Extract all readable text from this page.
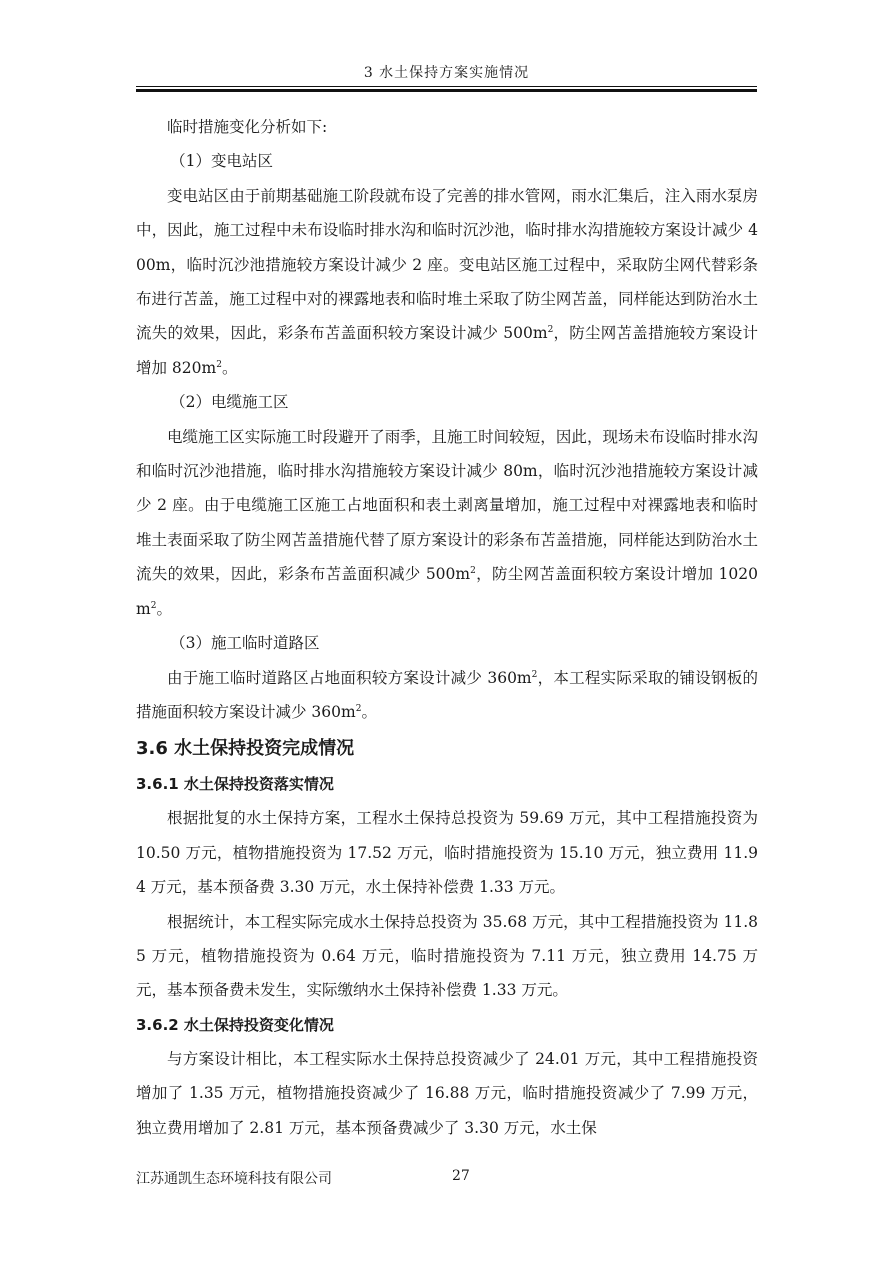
3 水土保持方案实施情况

临时措施变化分析如下:

（1）变电站区

变电站区由于前期基础施工阶段就布设了完善的排水管网，雨水汇集后，注入雨水泵房中，因此，施工过程中未布设临时排水沟和临时沉沙池，临时排水沟措施较方案设计减少 400m，临时沉沙池措施较方案设计减少 2 座。变电站区施工过程中，采取防尘网代替彩条布进行苫盖，施工过程中对的裸露地表和临时堆土采取了防尘网苫盖，同样能达到防治水土流失的效果，因此，彩条布苫盖面积较方案设计减少 $500m^2$，防尘网苫盖措施较方案设计增加 $820m^2$。

（2）电缆施工区

电缆施工区实际施工时段避开了雨季，且施工时间较短，因此，现场未布设临时排水沟和临时沉沙池措施，临时排水沟措施较方案设计减少 80m，临时沉沙池措施较方案设计减少 2 座。由于电缆施工区施工占地面积和表土剥离量增加，施工过程中对裸露地表和临时堆土表面采取了防尘网苫盖措施代替了原方案设计的彩条布苫盖措施，同样能达到防治水土流失的效果，因此，彩条布苫盖面积减少 $500m^2$，防尘网苫盖面积较方案设计增加 $1020m^2$。

（3）施工临时道路区

由于施工临时道路区占地面积较方案设计减少 $360m^2$，本工程实际采取的铺设钢板的措施面积较方案设计减少 $360m^2$。

3.6 水土保持投资完成情况
3.6.1 水土保持投资落实情况

根据批复的水土保持方案，工程水土保持总投资为 59.69 万元，其中工程措施投资为 10.50 万元，植物措施投资为 17.52 万元，临时措施投资为 15.10 万元，独立费用 11.94 万元，基本预备费 3.30 万元，水土保持补偿费 1.33 万元。

根据统计，本工程实际完成水土保持总投资为 35.68 万元，其中工程措施投资为 11.85 万元，植物措施投资为 0.64 万元，临时措施投资为 7.11 万元，独立费用 14.75 万元，基本预备费未发生，实际缴纳水土保持补偿费 1.33 万元。

3.6.2 水土保持投资变化情况

与方案设计相比，本工程实际水土保持总投资减少了 24.01 万元，其中工程措施投资增加了 1.35 万元，植物措施投资减少了 16.88 万元，临时措施投资减少了 7.99 万元，独立费用增加了 2.81 万元，基本预备费减少了 3.30 万元，水土保

江苏通凯生态环境科技有限公司	27
